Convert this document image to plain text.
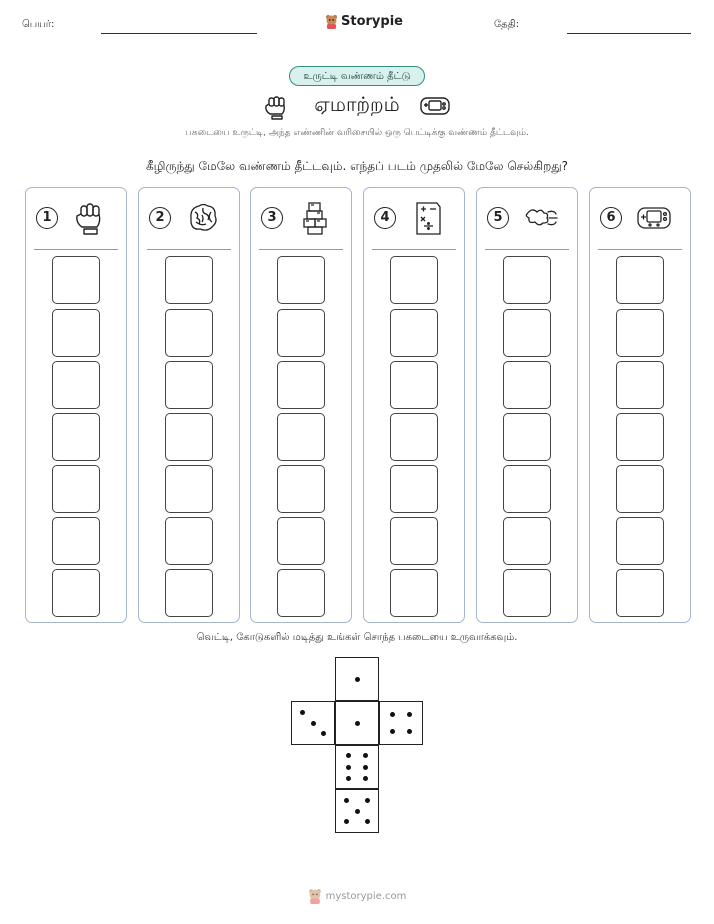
பெயர்:	Storypie	தேதி:
உருட்டி வண்ணம் தீட்டு
ஏமாற்றம்
பகடையை உருட்டி, அந்த எண்ணின் வரிசையில் ஒரு பெட்டிக்கு வண்ணம் தீட்டவும்.
கீழிருந்து மேலே வண்ணம் தீட்டவும். எந்தப் படம் முதலில் மேலே செல்கிறது?
1	2	3	4	5	6
வெட்டி, கோடுகளில் மடித்து உங்கள் சொந்த பகடையை உருவாக்கவும்.
mystorypie.com
